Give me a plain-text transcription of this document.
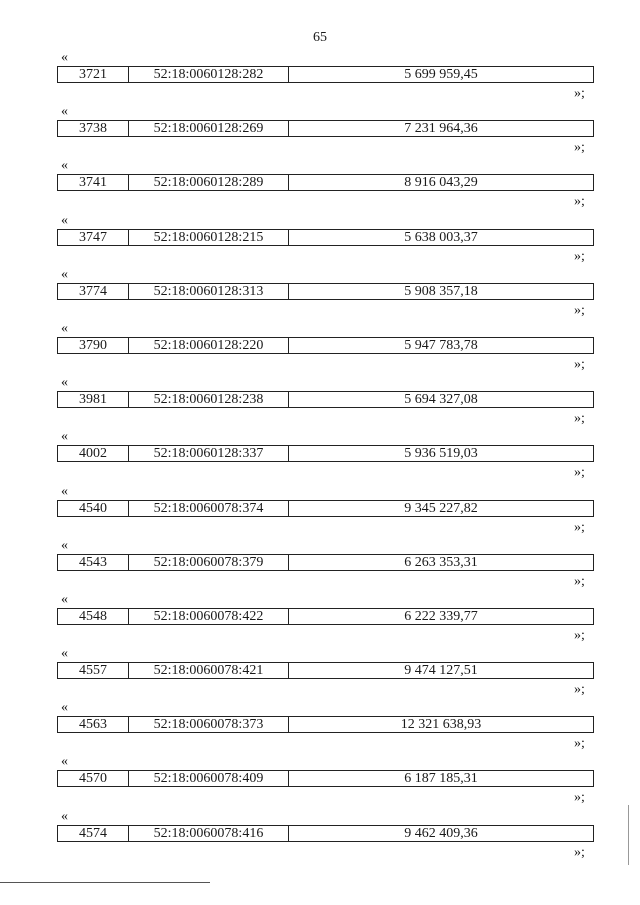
65
«
3721	52:18:0060128:282	5 699 959,45
»;
«
3738	52:18:0060128:269	7 231 964,36
»;
«
3741	52:18:0060128:289	8 916 043,29
»;
«
3747	52:18:0060128:215	5 638 003,37
»;
«
3774	52:18:0060128:313	5 908 357,18
»;
«
3790	52:18:0060128:220	5 947 783,78
»;
«
3981	52:18:0060128:238	5 694 327,08
»;
«
4002	52:18:0060128:337	5 936 519,03
»;
«
4540	52:18:0060078:374	9 345 227,82
»;
«
4543	52:18:0060078:379	6 263 353,31
»;
«
4548	52:18:0060078:422	6 222 339,77
»;
«
4557	52:18:0060078:421	9 474 127,51
»;
«
4563	52:18:0060078:373	12 321 638,93
»;
«
4570	52:18:0060078:409	6 187 185,31
»;
«
4574	52:18:0060078:416	9 462 409,36
»;
